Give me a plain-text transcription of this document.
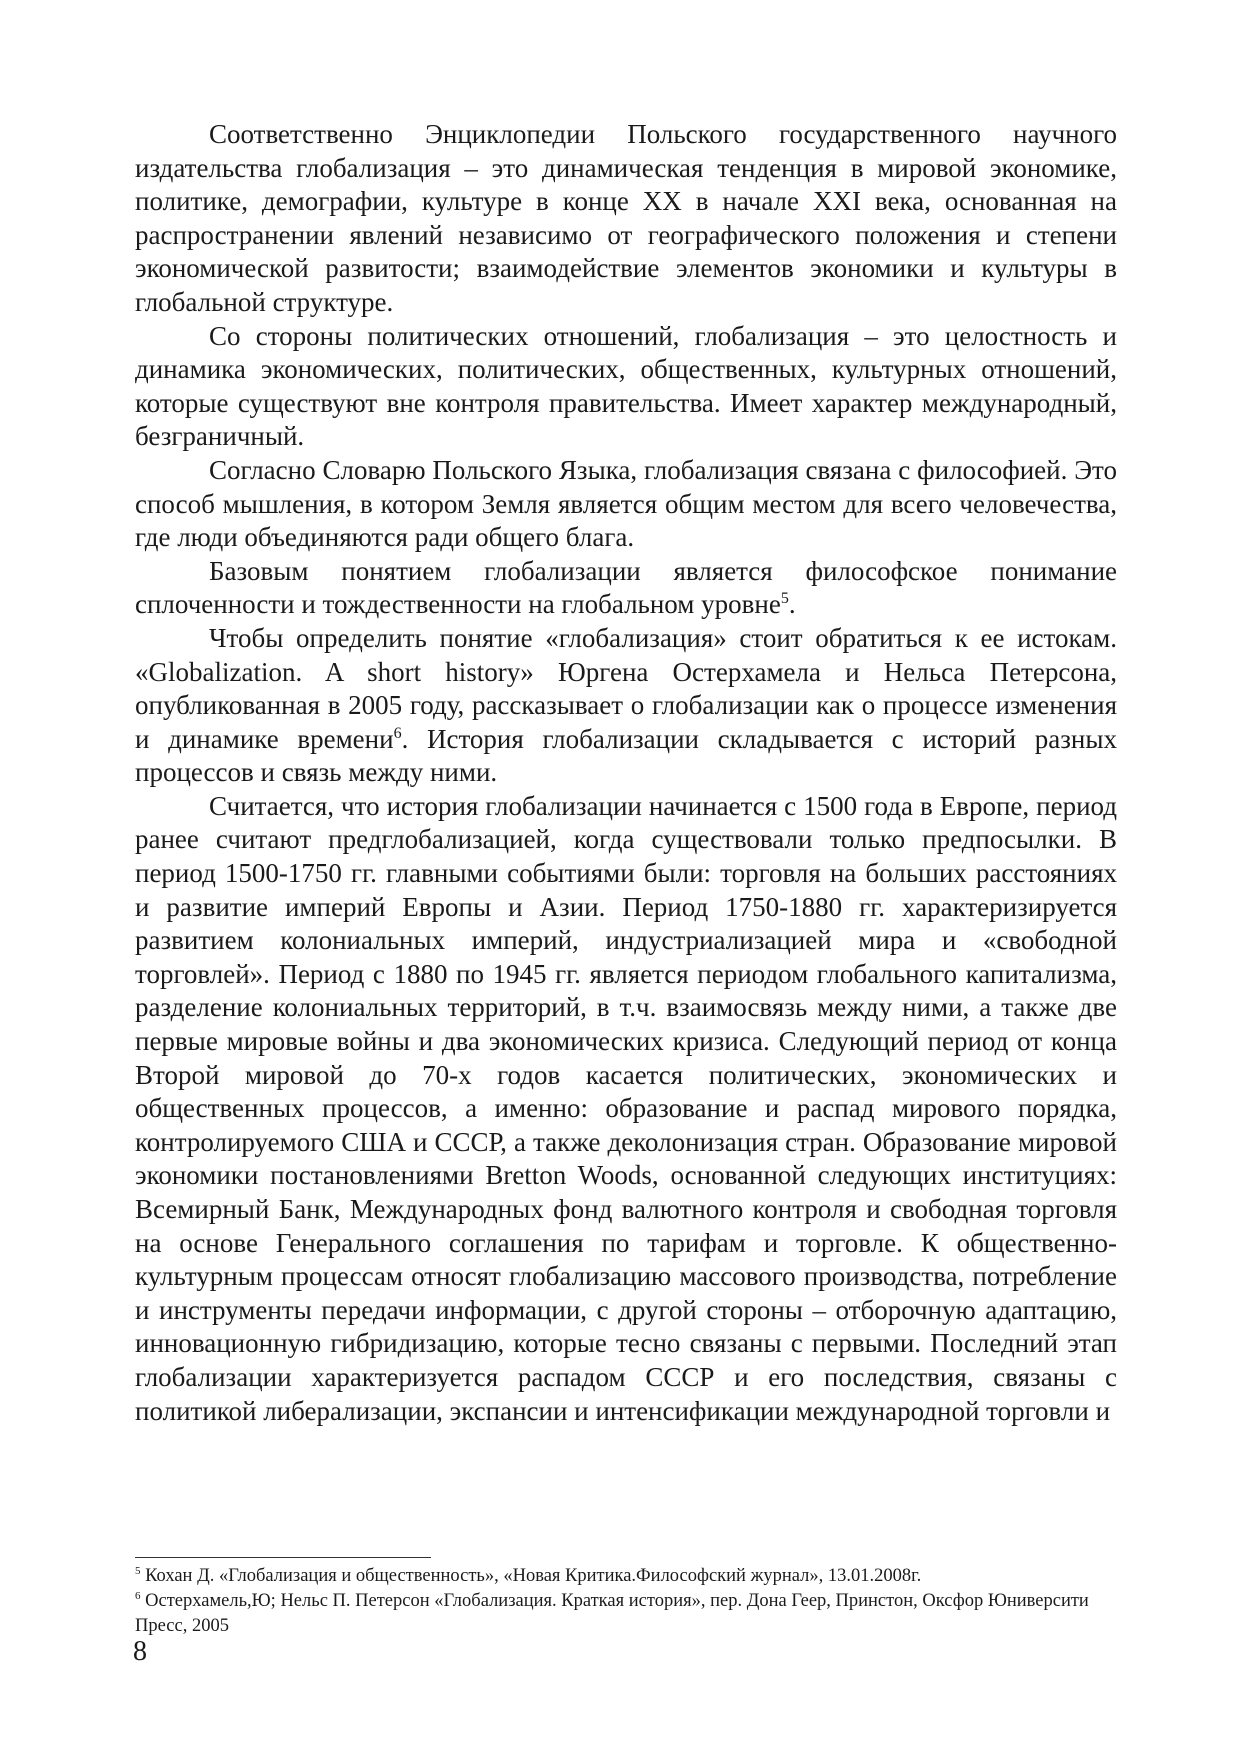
Соответственно Энциклопедии Польского государственного научного издательства глобализация – это динамическая тенденция в мировой экономике, политике, демографии, культуре в конце XX в начале XXI века, основанная на распространении явлений независимо от географического положения и степени экономической развитости; взаимодействие элементов экономики и культуры в глобальной структуре.

Со стороны политических отношений, глобализация – это целостность и динамика экономических, политических, общественных, культурных отношений, которые существуют вне контроля правительства. Имеет характер международный, безграничный.

Согласно Словарю Польского Языка, глобализация связана с философией. Это способ мышления, в котором Земля является общим местом для всего человечества, где люди объединяются ради общего блага.

Базовым понятием глобализации является философское понимание сплоченности и тождественности на глобальном уровне$^5$.

Чтобы определить понятие «глобализация» стоит обратиться к ее истокам. «Globalization. A short history» Юргена Остерхамела и Нельса Петерсона, опубликованная в 2005 году, рассказывает о глобализации как о процессе изменения и динамике времени$^6$. История глобализации складывается с историй разных процессов и связь между ними.

Считается, что история глобализации начинается с 1500 года в Европе, период ранее считают предглобализацией, когда существовали только предпосылки. В период 1500-1750 гг. главными событиями были: торговля на больших расстояниях и развитие империй Европы и Азии. Период 1750-1880 гг. характеризируется развитием колониальных империй, индустриализацией мира и «свободной торговлей». Период с 1880 по 1945 гг. является периодом глобального капитализма, разделение колониальных территорий, в т.ч. взаимосвязь между ними, а также две первые мировые войны и два экономических кризиса. Следующий период от конца Второй мировой до 70-х годов касается политических, экономических и общественных процессов, а именно: образование и распад мирового порядка, контролируемого США и СССР, а также деколонизация стран. Образование мировой экономики постановлениями Bretton Woods, основанной следующих институциях: Всемирный Банк, Международных фонд валютного контроля и свободная торговля на основе Генерального соглашения по тарифам и торговле. К общественно-культурным процессам относят глобализацию массового производства, потребление и инструменты передачи информации, с другой стороны – отборочную адаптацию, инновационную гибридизацию, которые тесно связаны с первыми. Последний этап глобализации характеризуется распадом СССР и его последствия, связаны с политикой либерализации, экспансии и интенсификации международной торговли и

$^5$ Кохан Д. «Глобализация и общественность», «Новая Критика.Философский журнал», 13.01.2008г.

$^6$ Остерхамель,Ю; Нельс П. Петерсон «Глобализация. Краткая история», пер. Дона Геер, Принстон, Оксфор Юниверсити Пресс, 2005

8
